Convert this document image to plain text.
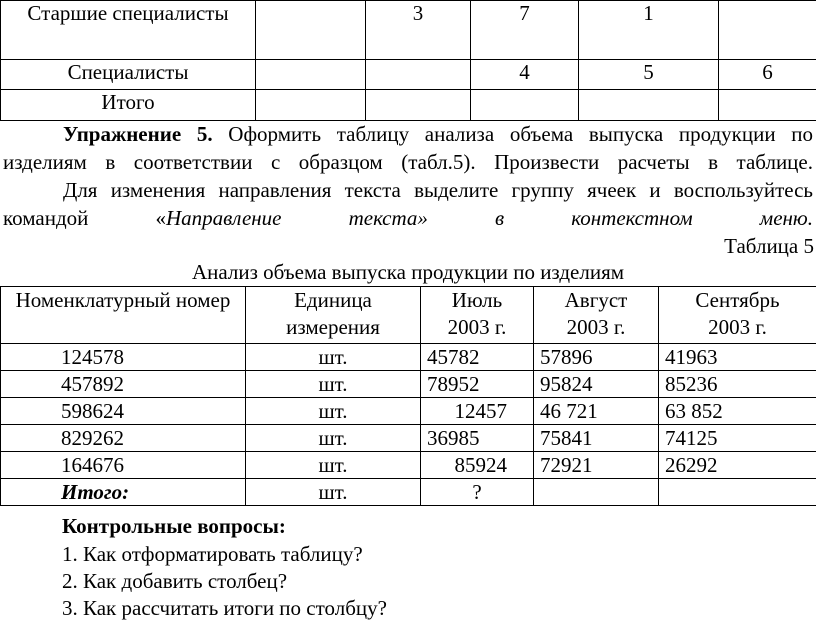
Старшие специалисты		3	7	1	
Специалисты			4	5	6
Итого					

Упражнение 5. Оформить таблицу анализа объема выпуска продукции по изделиям в соответствии с образцом (табл.5). Произвести расчеты в таблице.

Для изменения направления текста выделите группу ячеек и воспользуйтесь командой «Направление текста» в контекстном меню.

Таблица 5

Анализ объема выпуска продукции по изделиям

Номенклатурный номер	Единица измерения	Июль 2003 г.	Август 2003 г.	Сентябрь 2003 г.
124578	шт.	45782	57896	41963
457892	шт.	78952	95824	85236
598624	шт.	12457	46 721	63 852
829262	шт.	36985	75841	74125
164676	шт.	85924	72921	26292
Итого:	шт.	?		

Контрольные вопросы:

1. Как отформатировать таблицу?

2. Как добавить столбец?

3. Как рассчитать итоги по столбцу?
